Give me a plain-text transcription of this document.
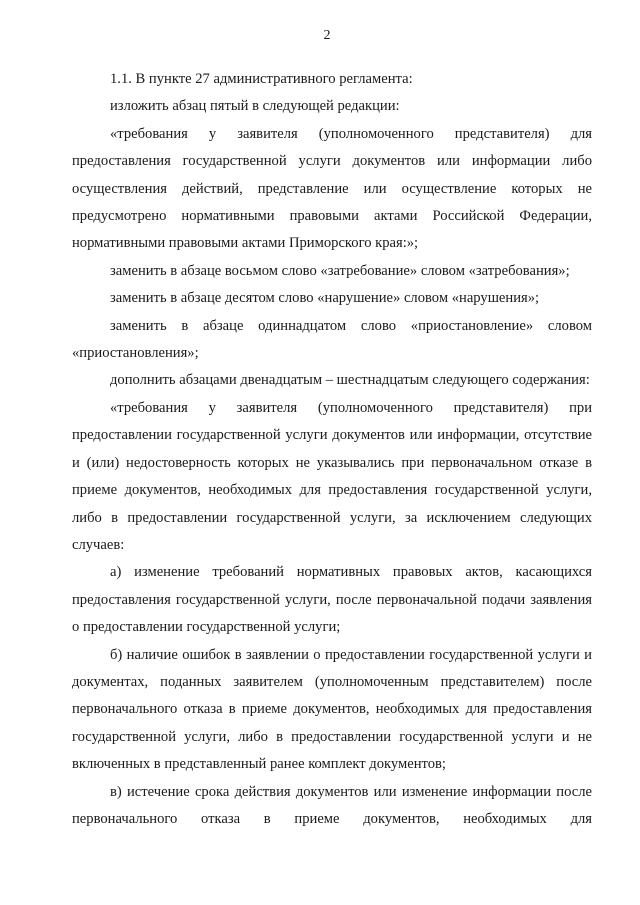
2

1.1. В пункте 27 административного регламента:

изложить абзац пятый в следующей редакции:

«требования у заявителя (уполномоченного представителя) для предоставления государственной услуги документов или информации либо осуществления действий, представление или осуществление которых не предусмотрено нормативными правовыми актами Российской Федерации, нормативными правовыми актами Приморского края:»;

заменить в абзаце восьмом слово «затребование» словом «затребования»;

заменить в абзаце десятом слово «нарушение» словом «нарушения»;

заменить в абзаце одиннадцатом слово «приостановление» словом «приостановления»;

дополнить абзацами двенадцатым – шестнадцатым следующего содержания:

«требования у заявителя (уполномоченного представителя) при предоставлении государственной услуги документов или информации, отсутствие и (или) недостоверность которых не указывались при первоначальном отказе в приеме документов, необходимых для предоставления государственной услуги, либо в предоставлении государственной услуги, за исключением следующих случаев:

а) изменение требований нормативных правовых актов, касающихся предоставления государственной услуги, после первоначальной подачи заявления о предоставлении государственной услуги;

б) наличие ошибок в заявлении о предоставлении государственной услуги и документах, поданных заявителем (уполномоченным представителем) после первоначального отказа в приеме документов, необходимых для предоставления государственной услуги, либо в предоставлении государственной услуги и не включенных в представленный ранее комплект документов;

в) истечение срока действия документов или изменение информации после первоначального отказа в приеме документов, необходимых для
